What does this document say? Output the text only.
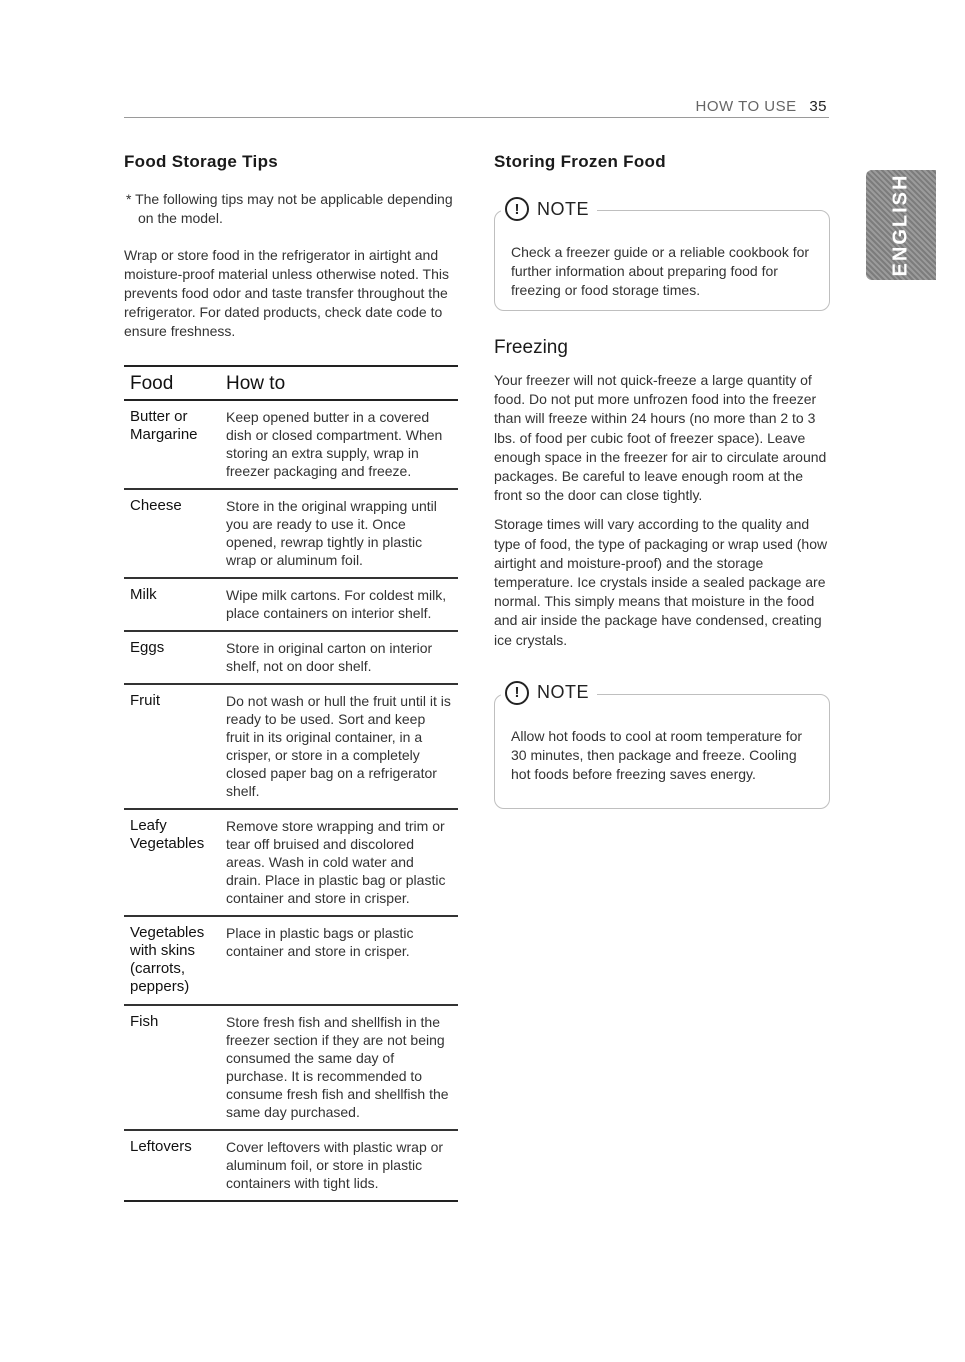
HOW TO USE 35
ENGLISH
Food Storage Tips
* The following tips may not be applicable depending on the model.
Wrap or store food in the refrigerator in airtight and moisture-proof material unless otherwise noted. This prevents food odor and taste transfer throughout the refrigerator. For dated products, check date code to ensure freshness.
Food	How to
Butter or Margarine	Keep opened butter in a covered dish or closed compartment. When storing an extra supply, wrap in freezer packaging and freeze.
Cheese	Store in the original wrapping until you are ready to use it. Once opened, rewrap tightly in plastic wrap or aluminum foil.
Milk	Wipe milk cartons. For coldest milk, place containers on interior shelf.
Eggs	Store in original carton on interior shelf, not on door shelf.
Fruit	Do not wash or hull the fruit until it is ready to be used. Sort and keep fruit in its original container, in a crisper, or store in a completely closed paper bag on a refrigerator shelf.
Leafy Vegetables	Remove store wrapping and trim or tear off bruised and discolored areas. Wash in cold water and drain. Place in plastic bag or plastic container and store in crisper.
Vegetables with skins (carrots, peppers)	Place in plastic bags or plastic container and store in crisper.
Fish	Store fresh fish and shellfish in the freezer section if they are not being consumed the same day of purchase. It is recommended to consume fresh fish and shellfish the same day purchased.
Leftovers	Cover leftovers with plastic wrap or aluminum foil, or store in plastic containers with tight lids.
Storing Frozen Food
! NOTE
Check a freezer guide or a reliable cookbook for further information about preparing food for freezing or food storage times.
Freezing

Your freezer will not quick-freeze a large quantity of food. Do not put more unfrozen food into the freezer than will freeze within 24 hours (no more than 2 to 3 lbs. of food per cubic foot of freezer space). Leave enough space in the freezer for air to circulate around packages. Be careful to leave enough room at the front so the door can close tightly.

Storage times will vary according to the quality and type of food, the type of packaging or wrap used (how airtight and moisture-proof) and the storage temperature. Ice crystals inside a sealed package are normal. This simply means that moisture in the food and air inside the package have condensed, creating ice crystals.

! NOTE
Allow hot foods to cool at room temperature for 30 minutes, then package and freeze. Cooling hot foods before freezing saves energy.
